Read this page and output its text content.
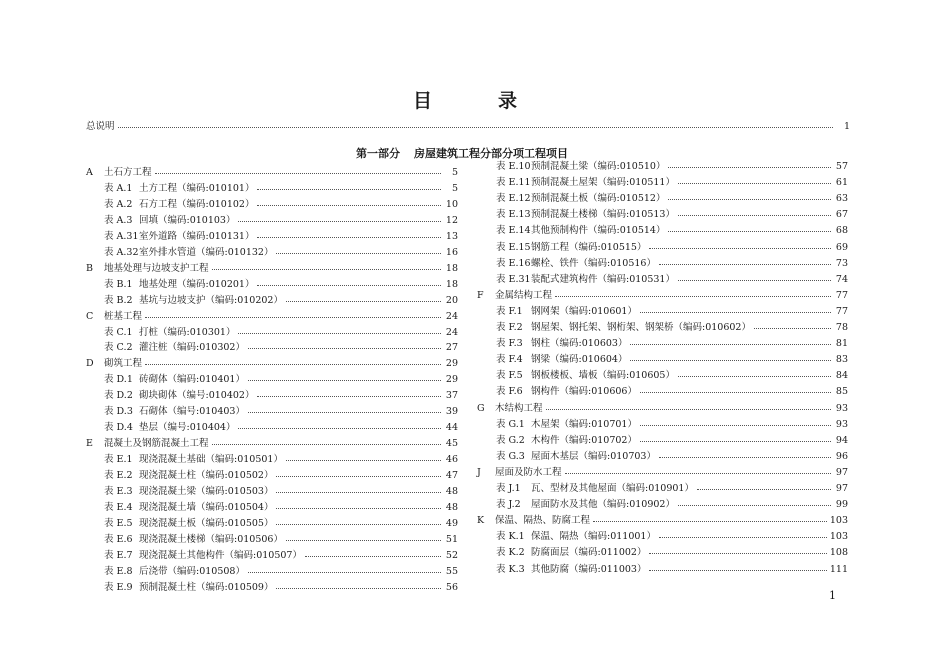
目	录
总说明	1
第一部分 房屋建筑工程分部分项工程项目
A 土石方工程	5
表 A.1 土方工程（编码:010101）	5
表 A.2 石方工程（编码:010102）	10
表 A.3 回填（编码:010103）	12
表 A.31室外道路（编码:010131）	13
表 A.32室外排水管道（编码:010132）	16
B 地基处理与边坡支护工程	18
表 B.1 地基处理（编码:010201）	18
表 B.2 基坑与边坡支护（编码:010202）	20
C 桩基工程	24
表 C.1 打桩（编码:010301）	24
表 C.2 灌注桩（编码:010302）	27
D 砌筑工程	29
表 D.1 砖砌体（编码:010401）	29
表 D.2 砌块砌体（编号:010402）	37
表 D.3 石砌体（编号:010403）	39
表 D.4 垫层（编号:010404）	44
E 混凝土及钢筋混凝土工程	45
表 E.1 现浇混凝土基础（编码:010501）	46
表 E.2 现浇混凝土柱（编码:010502）	47
表 E.3 现浇混凝土梁（编码:010503）	48
表 E.4 现浇混凝土墙（编码:010504）	48
表 E.5 现浇混凝土板（编码:010505）	49
表 E.6 现浇混凝土楼梯（编码:010506）	51
表 E.7 现浇混凝土其他构件（编码:010507）	52
表 E.8 后浇带（编码:010508）	55
表 E.9 预制混凝土柱（编码:010509）	56
表 E.10预制混凝土梁（编码:010510）	57
表 E.11预制混凝土屋架（编码:010511）	61
表 E.12预制混凝土板（编码:010512）	63
表 E.13预制混凝土楼梯（编码:010513）	67
表 E.14其他预制构件（编码:010514）	68
表 E.15钢筋工程（编码:010515）	69
表 E.16螺栓、铁件（编码:010516）	73
表 E.31装配式建筑构件（编码:010531）	74
F 金属结构工程	77
表 F.1 钢网架（编码:010601）	77
表 F.2 钢屋架、钢托架、钢桁架、钢架桥（编码:010602）	78
表 F.3 钢柱（编码:010603）	81
表 F.4 钢梁（编码:010604）	83
表 F.5 钢板楼板、墙板（编码:010605）	84
表 F.6 钢构件（编码:010606）	85
G 木结构工程	93
表 G.1 木屋架（编码:010701）	93
表 G.2 木构件（编码:010702）	94
表 G.3 屋面木基层（编码:010703）	96
J 屋面及防水工程	97
表 J.1 瓦、型材及其他屋面（编码:010901）	97
表 J.2 屋面防水及其他（编码:010902）	99
K 保温、隔热、防腐工程	103
表 K.1 保温、隔热（编码:011001）	103
表 K.2 防腐面层（编码:011002）	108
表 K.3 其他防腐（编码:011003）	111
1
